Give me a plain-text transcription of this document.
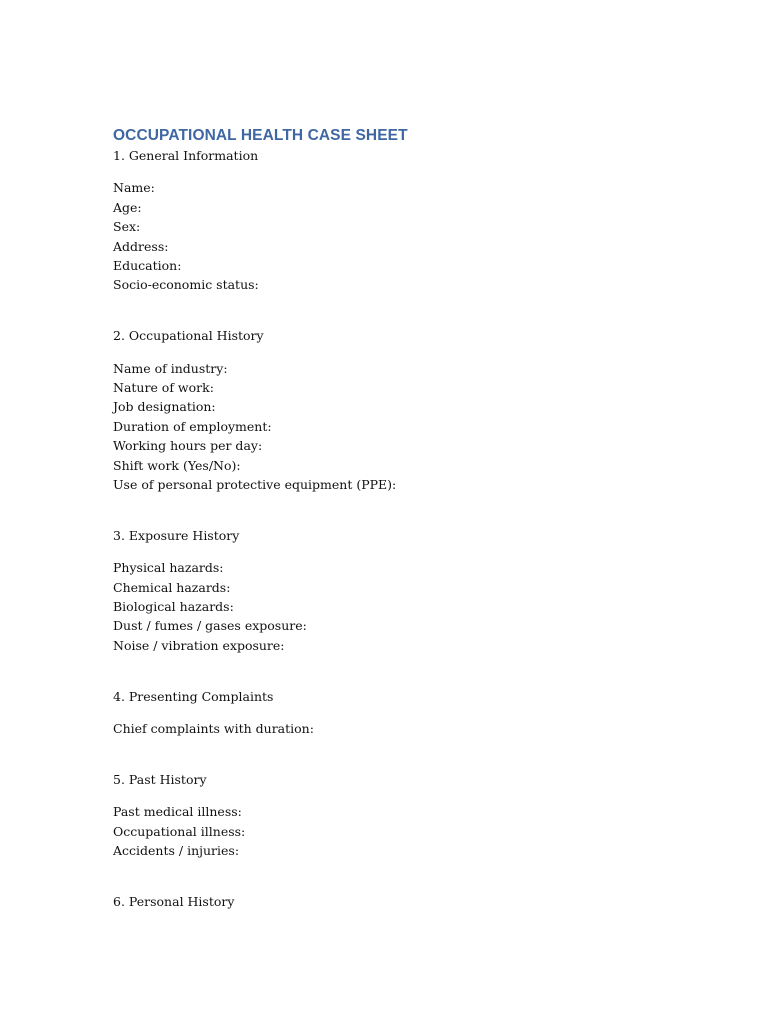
OCCUPATIONAL HEALTH CASE SHEET

1. General Information

Name:
Age:
Sex:
Address:
Education:
Socio-economic status:

2. Occupational History

Name of industry:
Nature of work:
Job designation:
Duration of employment:
Working hours per day:
Shift work (Yes/No):
Use of personal protective equipment (PPE):

3. Exposure History

Physical hazards:
Chemical hazards:
Biological hazards:
Dust / fumes / gases exposure:
Noise / vibration exposure:

4. Presenting Complaints

Chief complaints with duration:

5. Past History

Past medical illness:
Occupational illness:
Accidents / injuries:

6. Personal History
